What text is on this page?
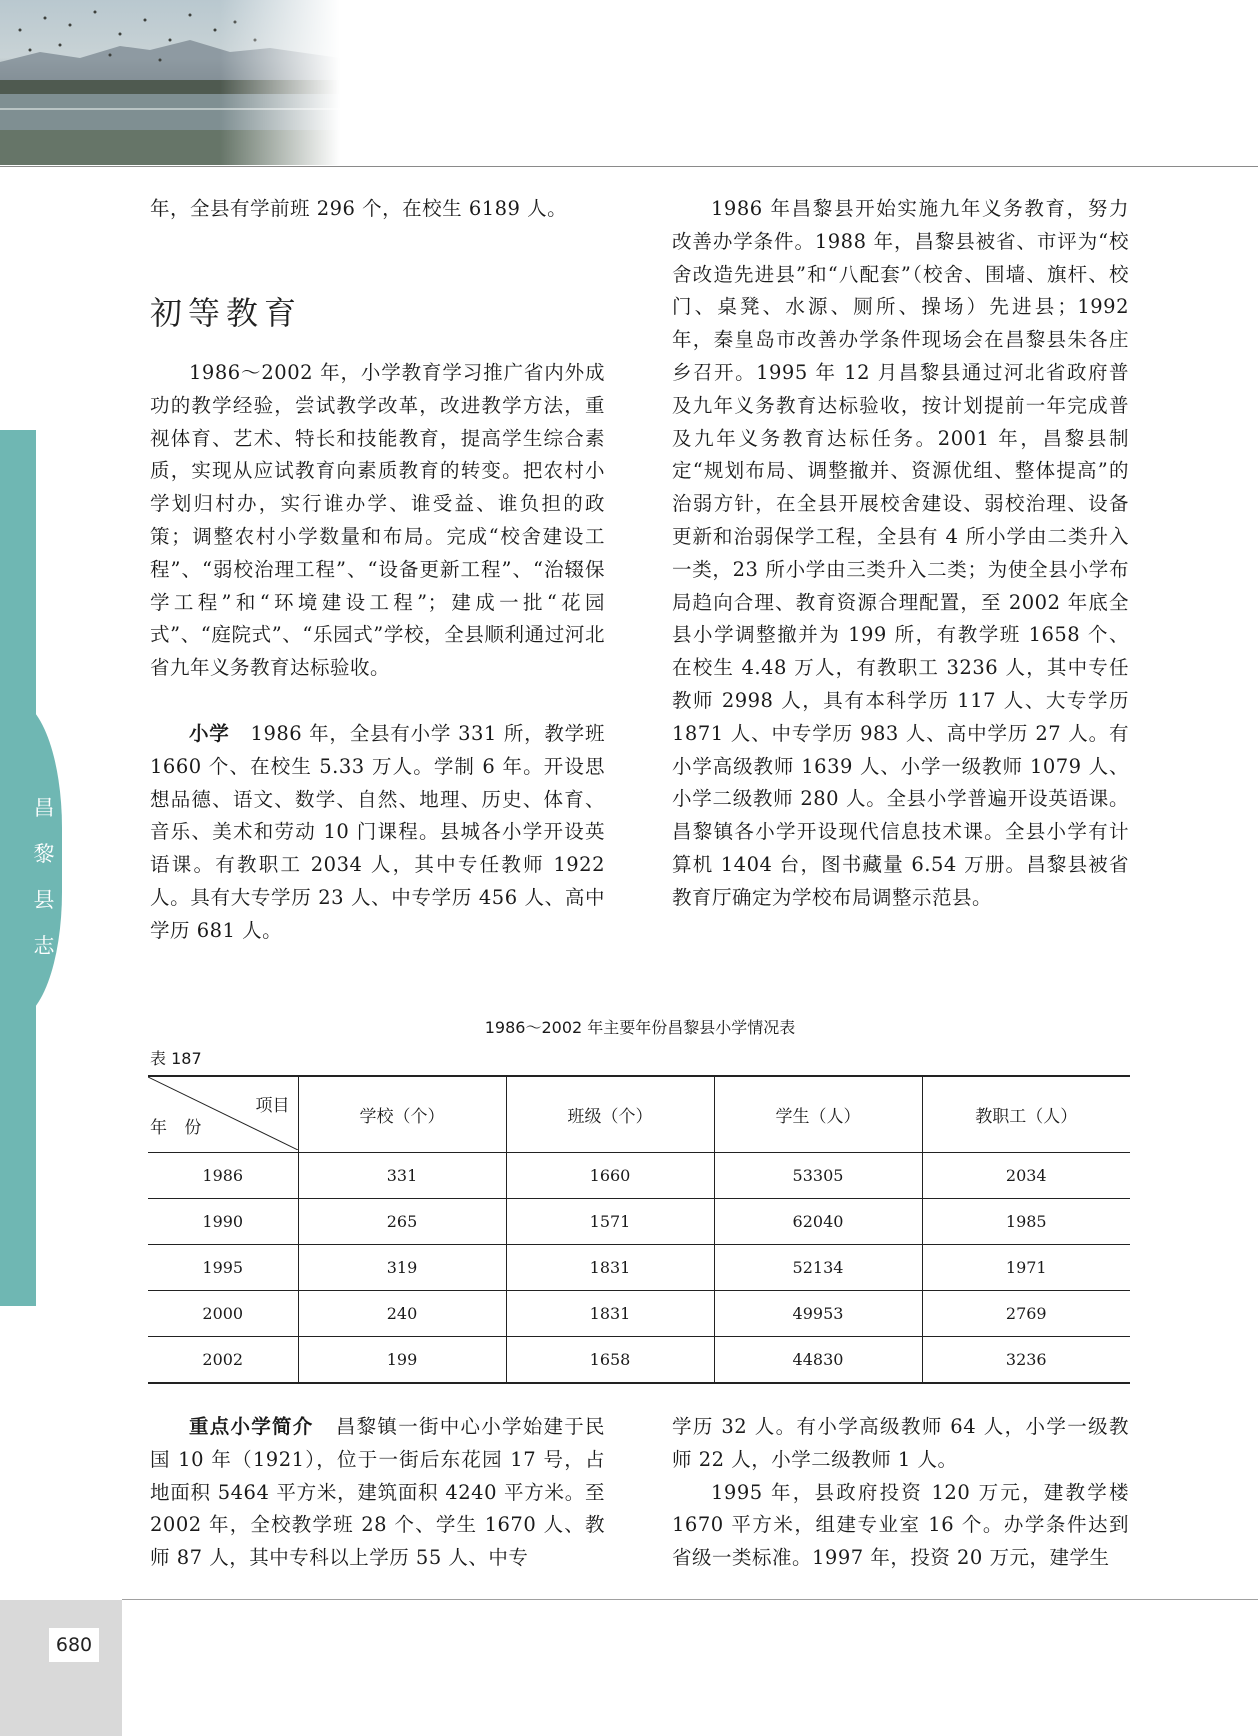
昌
黎
县
志

年，全县有学前班 296 个，在校生 6189 人。

初等教育

1986～2002 年，小学教育学习推广省内外成功的教学经验，尝试教学改革，改进教学方法，重视体育、艺术、特长和技能教育，提高学生综合素质，实现从应试教育向素质教育的转变。把农村小学划归村办，实行谁办学、谁受益、谁负担的政策；调整农村小学数量和布局。完成“校舍建设工程”、“弱校治理工程”、“设备更新工程”、“治辍保学工程”和“环境建设工程”；建成一批“花园式”、“庭院式”、“乐园式”学校，全县顺利通过河北省九年义务教育达标验收。

小学 1986 年，全县有小学 331 所，教学班 1660 个、在校生 5.33 万人。学制 6 年。开设思想品德、语文、数学、自然、地理、历史、体育、音乐、美术和劳动 10 门课程。县城各小学开设英语课。有教职工 2034 人，其中专任教师 1922 人。具有大专学历 23 人、中专学历 456 人、高中学历 681 人。

1986 年昌黎县开始实施九年义务教育，努力改善办学条件。1988 年，昌黎县被省、市评为“校舍改造先进县”和“八配套”（校舍、围墙、旗杆、校门、桌凳、水源、厕所、操场）先进县；1992 年，秦皇岛市改善办学条件现场会在昌黎县朱各庄乡召开。1995 年 12 月昌黎县通过河北省政府普及九年义务教育达标验收，按计划提前一年完成普及九年义务教育达标任务。2001 年，昌黎县制定“规划布局、调整撤并、资源优组、整体提高”的治弱方针，在全县开展校舍建设、弱校治理、设备更新和治弱保学工程，全县有 4 所小学由二类升入一类，23 所小学由三类升入二类；为使全县小学布局趋向合理、教育资源合理配置，至 2002 年底全县小学调整撤并为 199 所，有教学班 1658 个、在校生 4.48 万人，有教职工 3236 人，其中专任教师 2998 人，具有本科学历 117 人、大专学历 1871 人、中专学历 983 人、高中学历 27 人。有小学高级教师 1639 人、小学一级教师 1079 人、小学二级教师 280 人。全县小学普遍开设英语课。昌黎镇各小学开设现代信息技术课。全县小学有计算机 1404 台，图书藏量 6.54 万册。昌黎县被省教育厅确定为学校布局调整示范县。

1986～2002 年主要年份昌黎县小学情况表
表 187
项目
年 份	学校（个）	班级（个）	学生（人）	教职工（人）
1986	331	1660	53305	2034
1990	265	1571	62040	1985
1995	319	1831	52134	1971
2000	240	1831	49953	2769
2002	199	1658	44830	3236

重点小学简介 昌黎镇一街中心小学始建于民国 10 年（1921），位于一街后东花园 17 号，占地面积 5464 平方米，建筑面积 4240 平方米。至 2002 年，全校教学班 28 个、学生 1670 人、教师 87 人，其中专科以上学历 55 人、中专

学历 32 人。有小学高级教师 64 人，小学一级教师 22 人，小学二级教师 1 人。

1995 年，县政府投资 120 万元，建教学楼 1670 平方米，组建专业室 16 个。办学条件达到省级一类标准。1997 年，投资 20 万元，建学生

680
